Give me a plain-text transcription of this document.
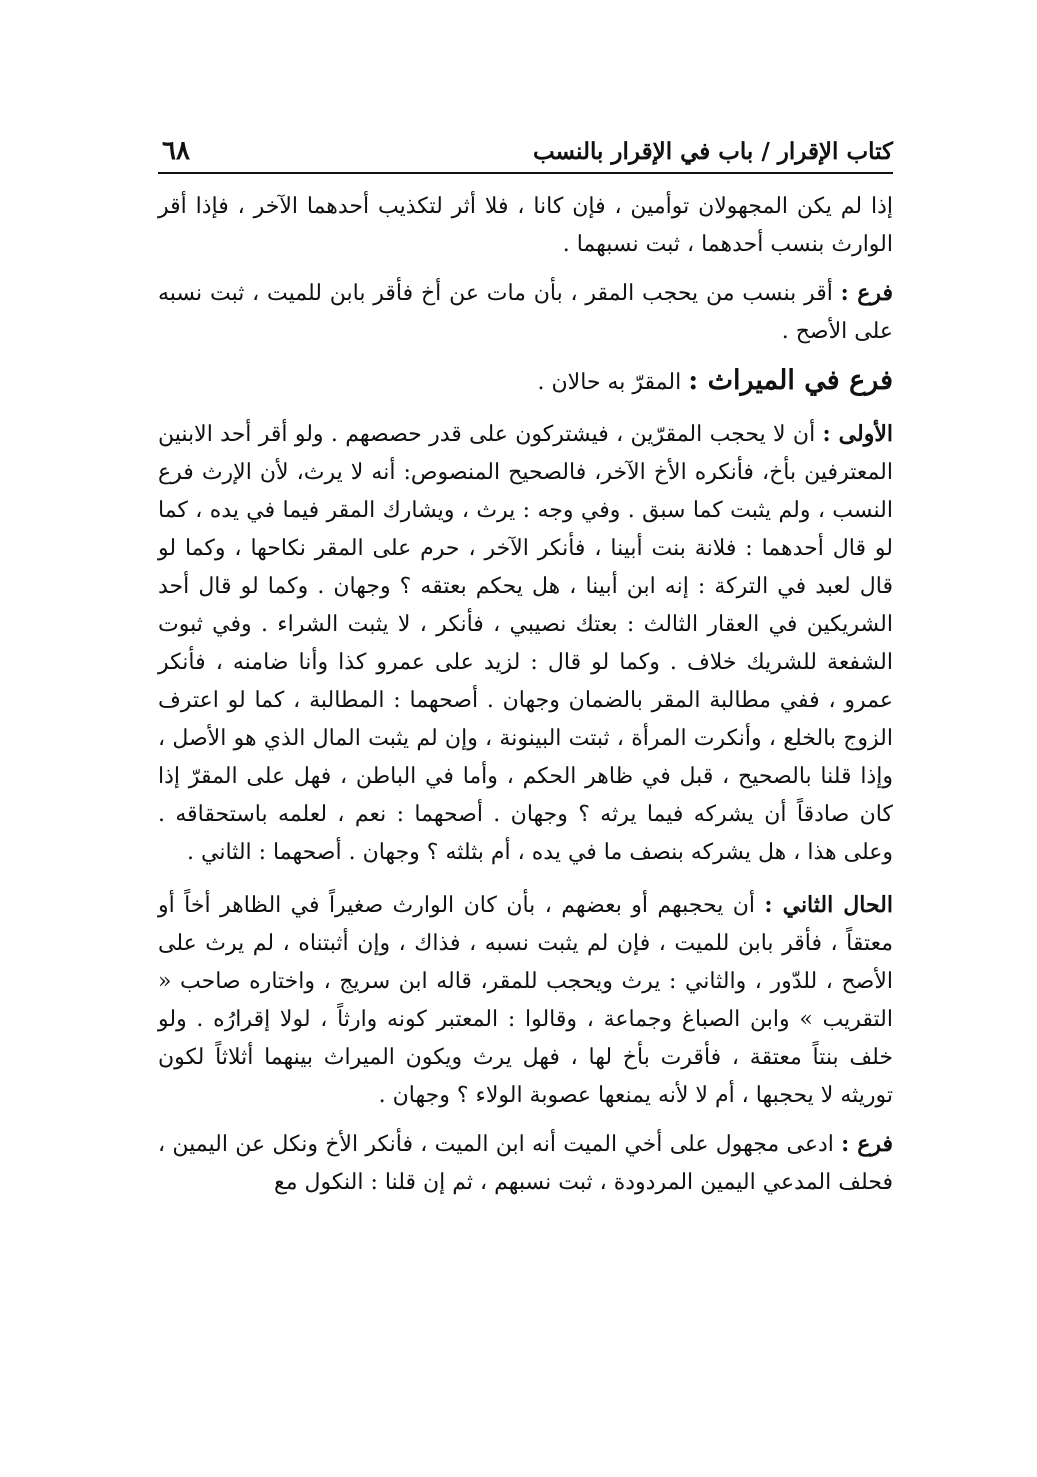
كتاب الإقرار / باب في الإقرار بالنسب
٦٨

إذا لم يكن المجهولان توأمين ، فإن كانا ، فلا أثر لتكذيب أحدهما الآخر ، فإذا أقر الوارث بنسب أحدهما ، ثبت نسبهما .

فرع : أقر بنسب من يحجب المقر ، بأن مات عن أخ فأقر بابن للميت ، ثبت نسبه على الأصح .

فرع في الميراث : المقرّ به حالان .

الأولى : أن لا يحجب المقرّين ، فيشتركون على قدر حصصهم . ولو أقر أحد الابنين المعترفين بأخ، فأنكره الأخ الآخر، فالصحيح المنصوص: أنه لا يرث، لأن الإرث فرع النسب ، ولم يثبت كما سبق . وفي وجه : يرث ، ويشارك المقر فيما في يده ، كما لو قال أحدهما : فلانة بنت أبينا ، فأنكر الآخر ، حرم على المقر نكاحها ، وكما لو قال لعبد في التركة : إنه ابن أبينا ، هل يحكم بعتقه ؟ وجهان . وكما لو قال أحد الشريكين في العقار الثالث : بعتك نصيبي ، فأنكر ، لا يثبت الشراء . وفي ثبوت الشفعة للشريك خلاف . وكما لو قال : لزيد على عمرو كذا وأنا ضامنه ، فأنكر عمرو ، ففي مطالبة المقر بالضمان وجهان . أصحهما : المطالبة ، كما لو اعترف الزوج بالخلع ، وأنكرت المرأة ، ثبتت البينونة ، وإن لم يثبت المال الذي هو الأصل ، وإذا قلنا بالصحيح ، قبل في ظاهر الحكم ، وأما في الباطن ، فهل على المقرّ إذا كان صادقاً أن يشركه فيما يرثه ؟ وجهان . أصحهما : نعم ، لعلمه باستحقاقه . وعلى هذا ، هل يشركه بنصف ما في يده ، أم بثلثه ؟ وجهان . أصحهما : الثاني .

الحال الثاني : أن يحجبهم أو بعضهم ، بأن كان الوارث صغيراً في الظاهر أخاً أو معتقاً ، فأقر بابن للميت ، فإن لم يثبت نسبه ، فذاك ، وإن أثبتناه ، لم يرث على الأصح ، للدّور ، والثاني : يرث ويحجب للمقر، قاله ابن سريج ، واختاره صاحب « التقريب » وابن الصباغ وجماعة ، وقالوا : المعتبر كونه وارثاً ، لولا إقرارُه . ولو خلف بنتاً معتقة ، فأقرت بأخ لها ، فهل يرث ويكون الميراث بينهما أثلاثاً لكون توريثه لا يحجبها ، أم لا لأنه يمنعها عصوبة الولاء ؟ وجهان .

فرع : ادعى مجهول على أخي الميت أنه ابن الميت ، فأنكر الأخ ونكل عن اليمين ، فحلف المدعي اليمين المردودة ، ثبت نسبهم ، ثم إن قلنا : النكول مع
